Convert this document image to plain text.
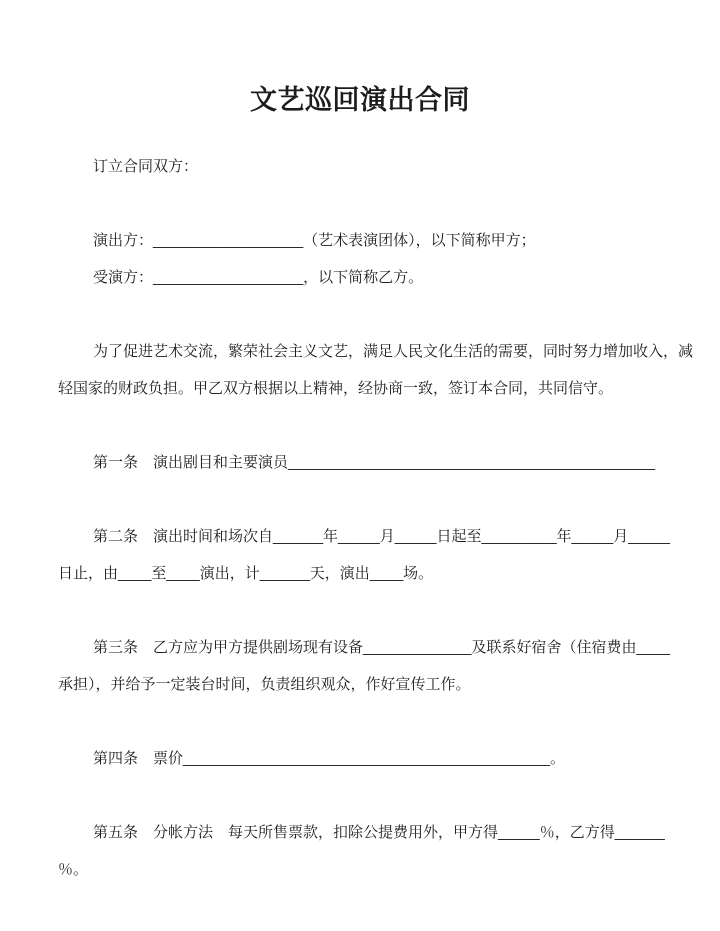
文艺巡回演出合同

订立合同双方：

演出方：__________________（艺术表演团体），以下简称甲方；

受演方：__________________，以下简称乙方。

为了促进艺术交流，繁荣社会主义文艺，满足人民文化生活的需要，同时努力增加收入，减

轻国家的财政负担。甲乙双方根据以上精神，经协商一致，签订本合同，共同信守。

第一条　演出剧目和主要演员____________________________________________

第二条　演出时间和场次自______年_____月_____日起至_________年_____月_____

日止，由____至____演出，计______天，演出____场。

第三条　乙方应为甲方提供剧场现有设备_____________及联系好宿舍（住宿费由____

承担），并给予一定装台时间，负责组织观众，作好宣传工作。

第四条　票价____________________________________________。

第五条　分帐方法　每天所售票款，扣除公提费用外，甲方得_____％，乙方得______

％。
